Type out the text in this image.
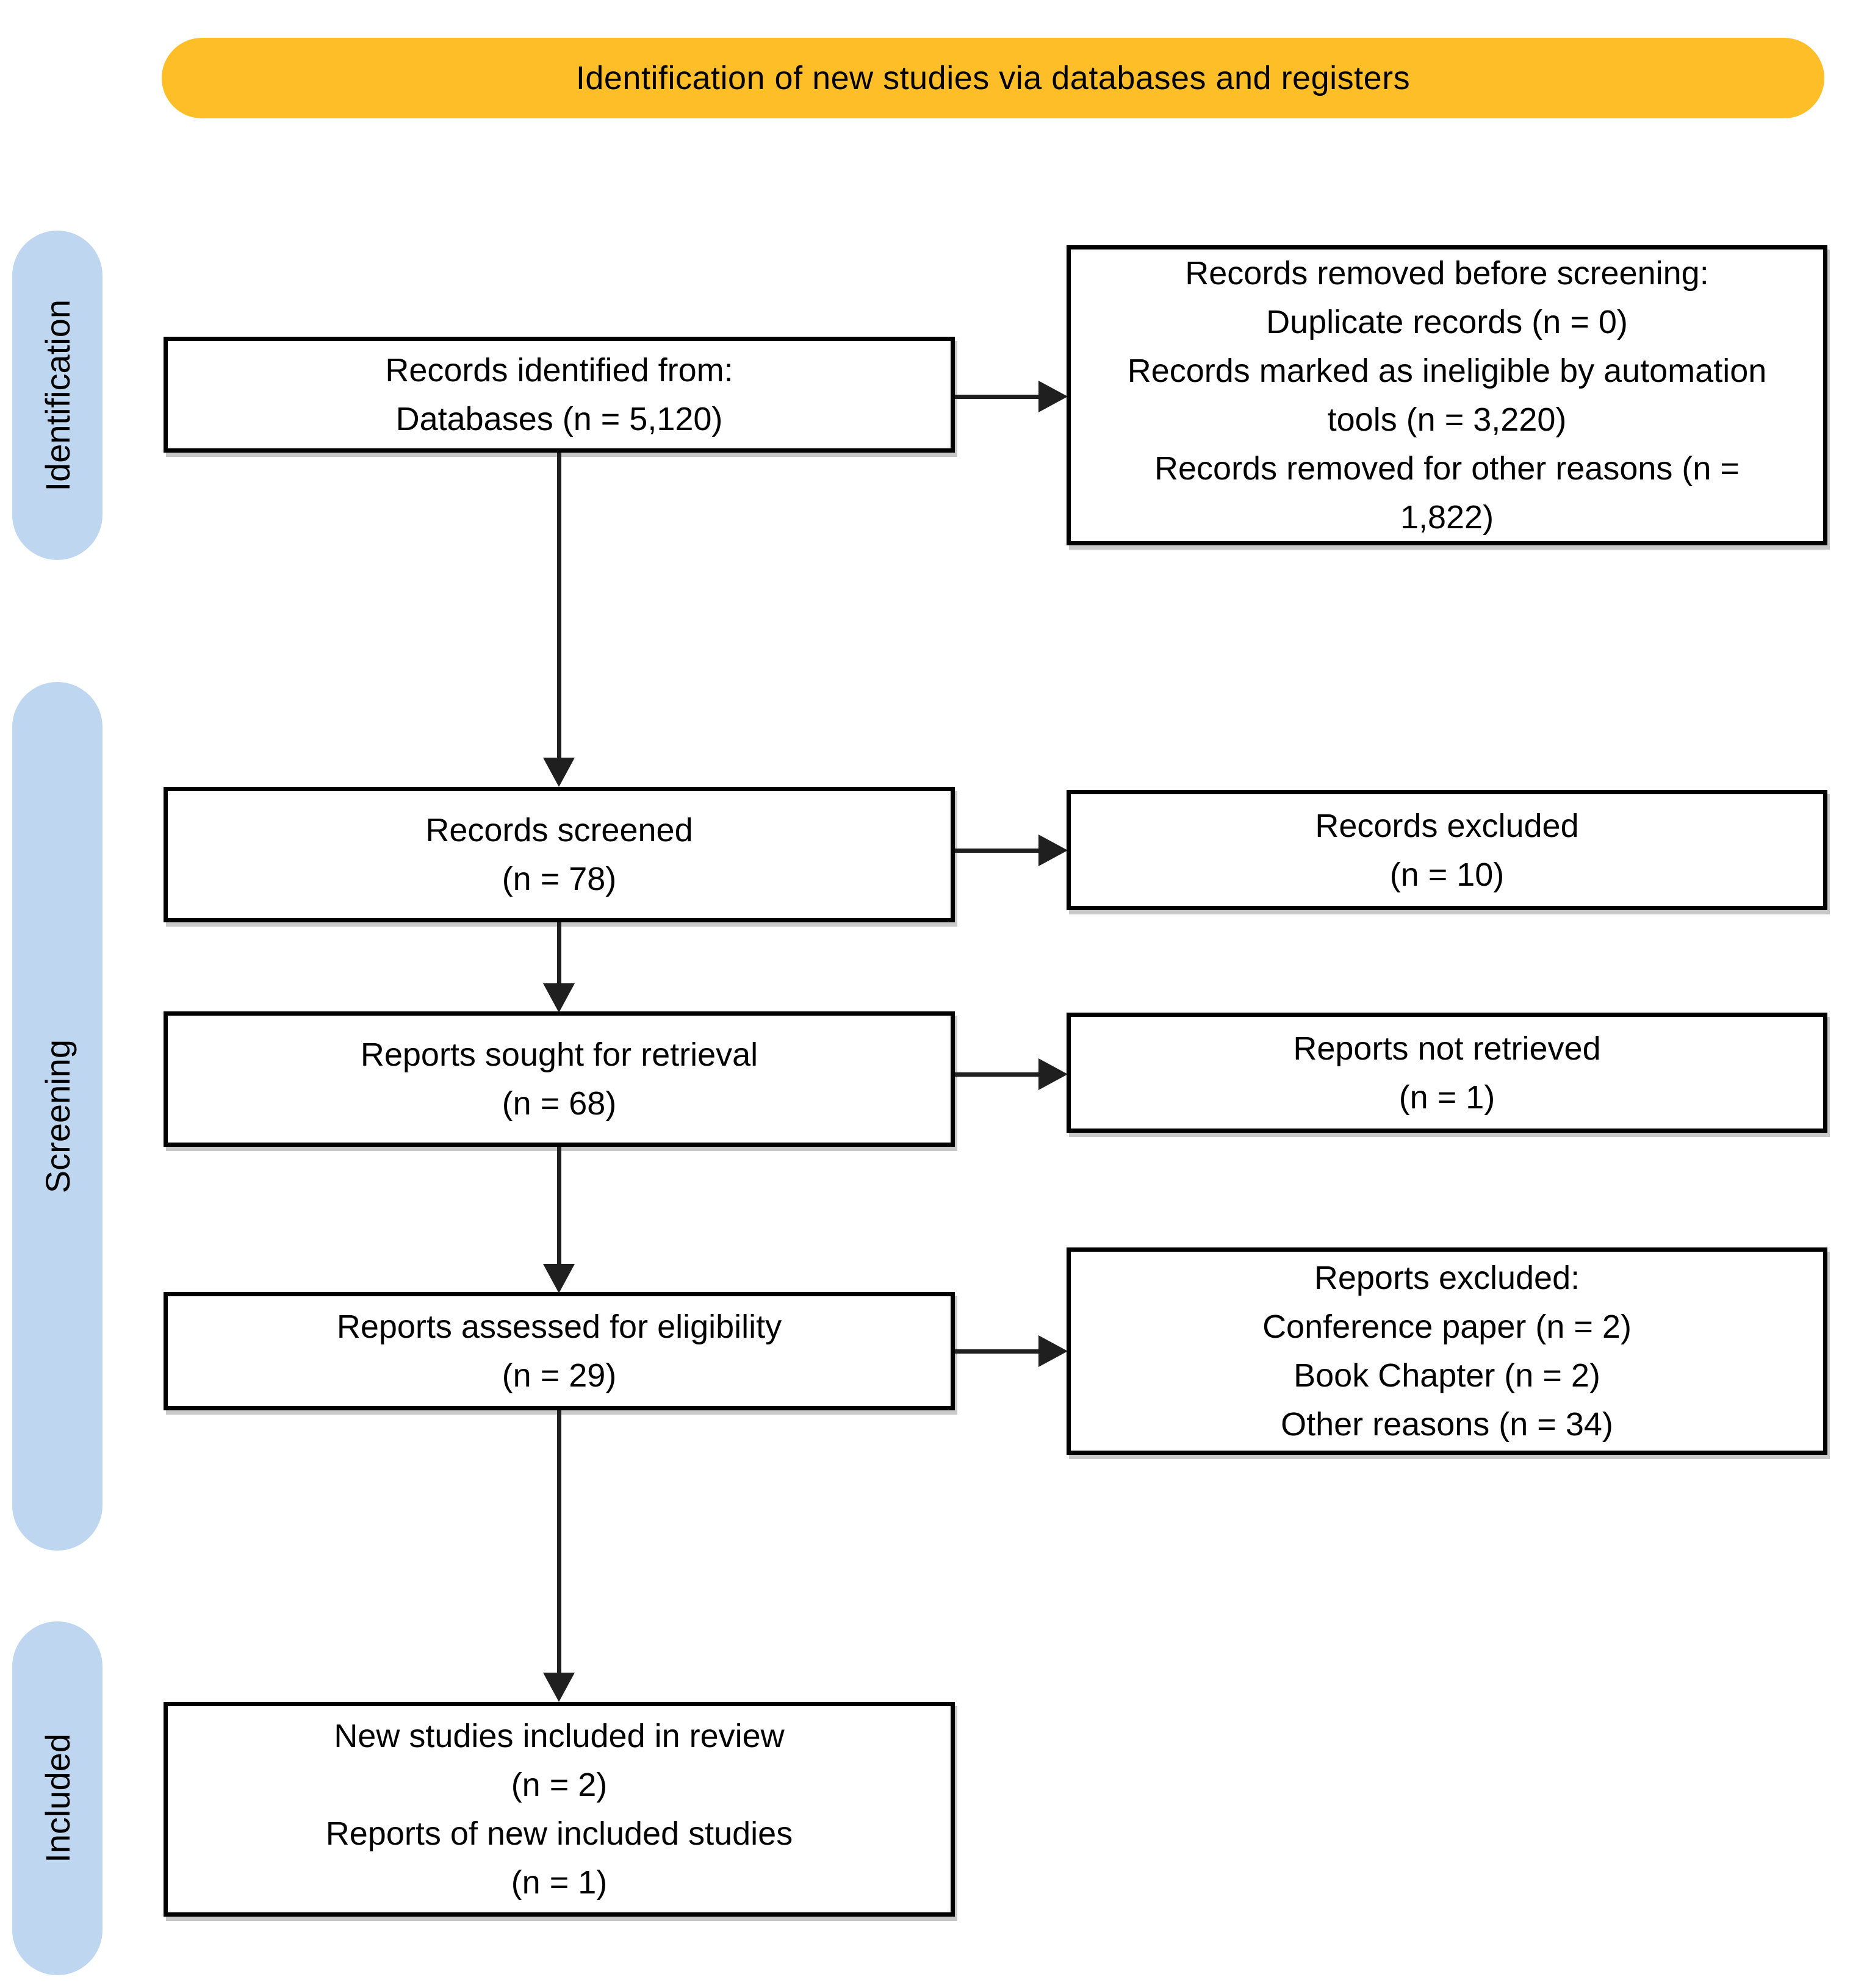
Identification of new studies via databases and registers
Identification
Screening
Included
Records identified from:
Databases (n = 5,120)
Records screened
(n = 78)
Reports sought for retrieval
(n = 68)
Reports assessed for eligibility
(n = 29)
New studies included in review
(n = 2)
Reports of new included studies
(n = 1)
Records removed before screening:
Duplicate records (n = 0)
Records marked as ineligible by automation
tools (n = 3,220)
Records removed for other reasons (n =
1,822)
Records excluded
(n = 10)
Reports not retrieved
(n = 1)
Reports excluded:
Conference paper (n = 2)
Book Chapter (n = 2)
Other reasons (n = 34)
